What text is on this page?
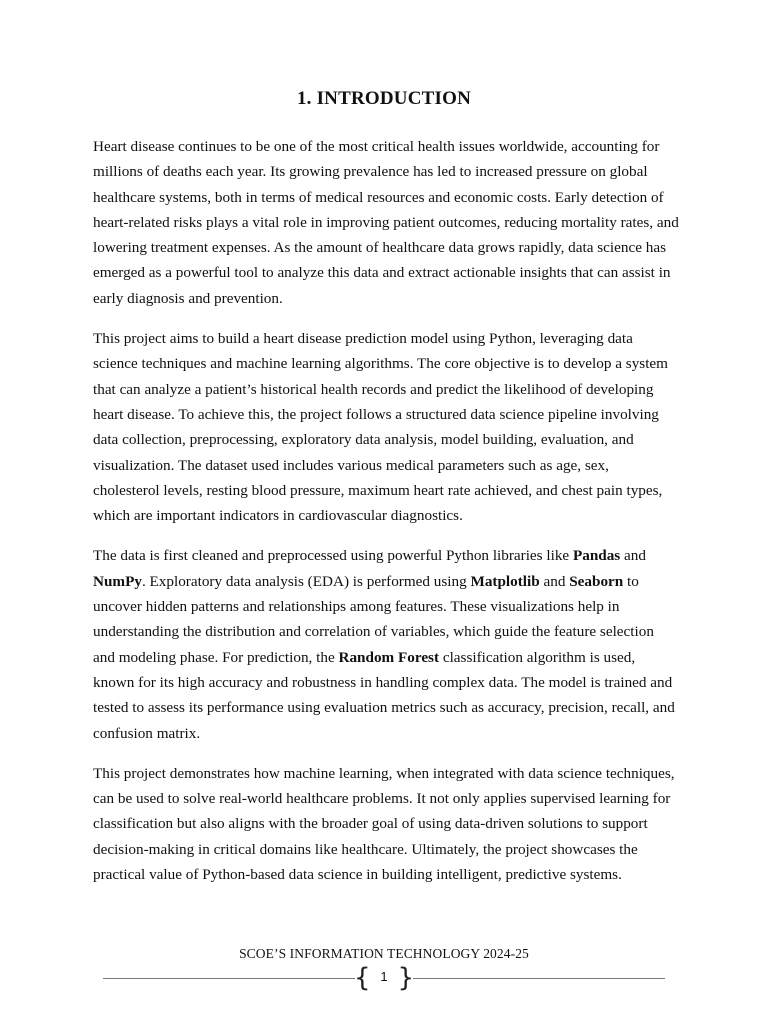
1. INTRODUCTION

Heart disease continues to be one of the most critical health issues worldwide, accounting for millions of deaths each year. Its growing prevalence has led to increased pressure on global healthcare systems, both in terms of medical resources and economic costs. Early detection of heart-related risks plays a vital role in improving patient outcomes, reducing mortality rates, and lowering treatment expenses. As the amount of healthcare data grows rapidly, data science has emerged as a powerful tool to analyze this data and extract actionable insights that can assist in early diagnosis and prevention.

This project aims to build a heart disease prediction model using Python, leveraging data science techniques and machine learning algorithms. The core objective is to develop a system that can analyze a patient’s historical health records and predict the likelihood of developing heart disease. To achieve this, the project follows a structured data science pipeline involving data collection, preprocessing, exploratory data analysis, model building, evaluation, and visualization. The dataset used includes various medical parameters such as age, sex, cholesterol levels, resting blood pressure, maximum heart rate achieved, and chest pain types, which are important indicators in cardiovascular diagnostics.

The data is first cleaned and preprocessed using powerful Python libraries like Pandas and NumPy. Exploratory data analysis (EDA) is performed using Matplotlib and Seaborn to uncover hidden patterns and relationships among features. These visualizations help in understanding the distribution and correlation of variables, which guide the feature selection and modeling phase. For prediction, the Random Forest classification algorithm is used, known for its high accuracy and robustness in handling complex data. The model is trained and tested to assess its performance using evaluation metrics such as accuracy, precision, recall, and confusion matrix.

This project demonstrates how machine learning, when integrated with data science techniques, can be used to solve real-world healthcare problems. It not only applies supervised learning for classification but also aligns with the broader goal of using data-driven solutions to support decision-making in critical domains like healthcare. Ultimately, the project showcases the practical value of Python-based data science in building intelligent, predictive systems.

SCOE’S INFORMATION TECHNOLOGY 2024-25
{ 1 }
